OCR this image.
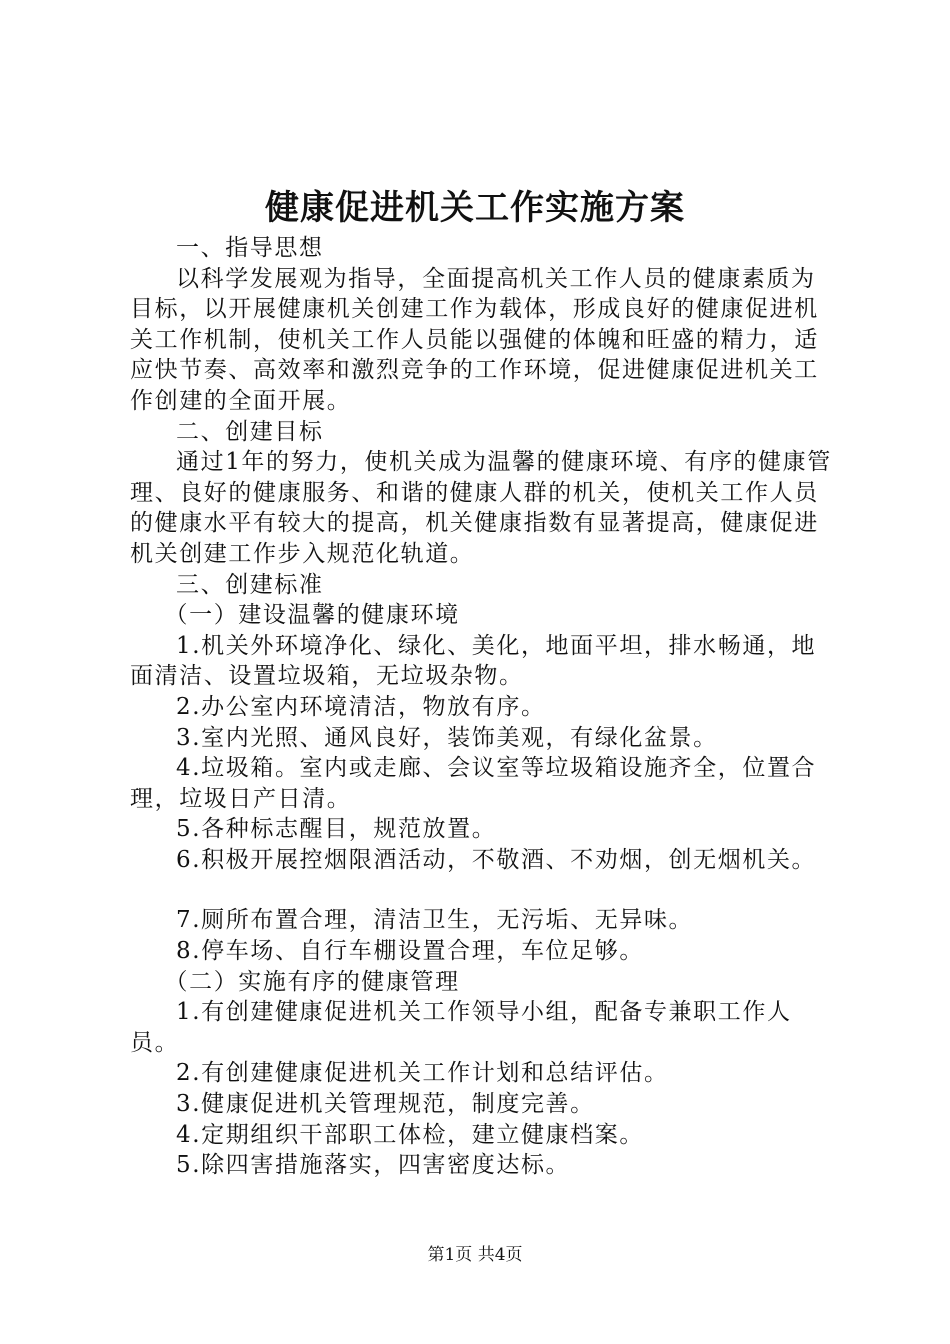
健康促进机关工作实施方案

一、指导思想

以科学发展观为指导，全面提高机关工作人员的健康素质为目标，以开展健康机关创建工作为载体，形成良好的健康促进机关工作机制，使机关工作人员能以强健的体魄和旺盛的精力，适应快节奏、高效率和激烈竞争的工作环境，促进健康促进机关工作创建的全面开展。

二、创建目标

通过1年的努力，使机关成为温馨的健康环境、有序的健康管理、良好的健康服务、和谐的健康人群的机关，使机关工作人员的健康水平有较大的提高，机关健康指数有显著提高，健康促进机关创建工作步入规范化轨道。

三、创建标准

（一）建设温馨的健康环境

1.机关外环境净化、绿化、美化，地面平坦，排水畅通，地面清洁、设置垃圾箱，无垃圾杂物。

2.办公室内环境清洁，物放有序。

3.室内光照、通风良好，装饰美观，有绿化盆景。

4.垃圾箱。室内或走廊、会议室等垃圾箱设施齐全，位置合理，垃圾日产日清。

5.各种标志醒目，规范放置。

6.积极开展控烟限酒活动，不敬酒、不劝烟，创无烟机关。

7.厕所布置合理，清洁卫生，无污垢、无异味。

8.停车场、自行车棚设置合理，车位足够。

（二）实施有序的健康管理

1.有创建健康促进机关工作领导小组，配备专兼职工作人员。

2.有创建健康促进机关工作计划和总结评估。

3.健康促进机关管理规范，制度完善。

4.定期组织干部职工体检，建立健康档案。

5.除四害措施落实，四害密度达标。

第1页 共4页
